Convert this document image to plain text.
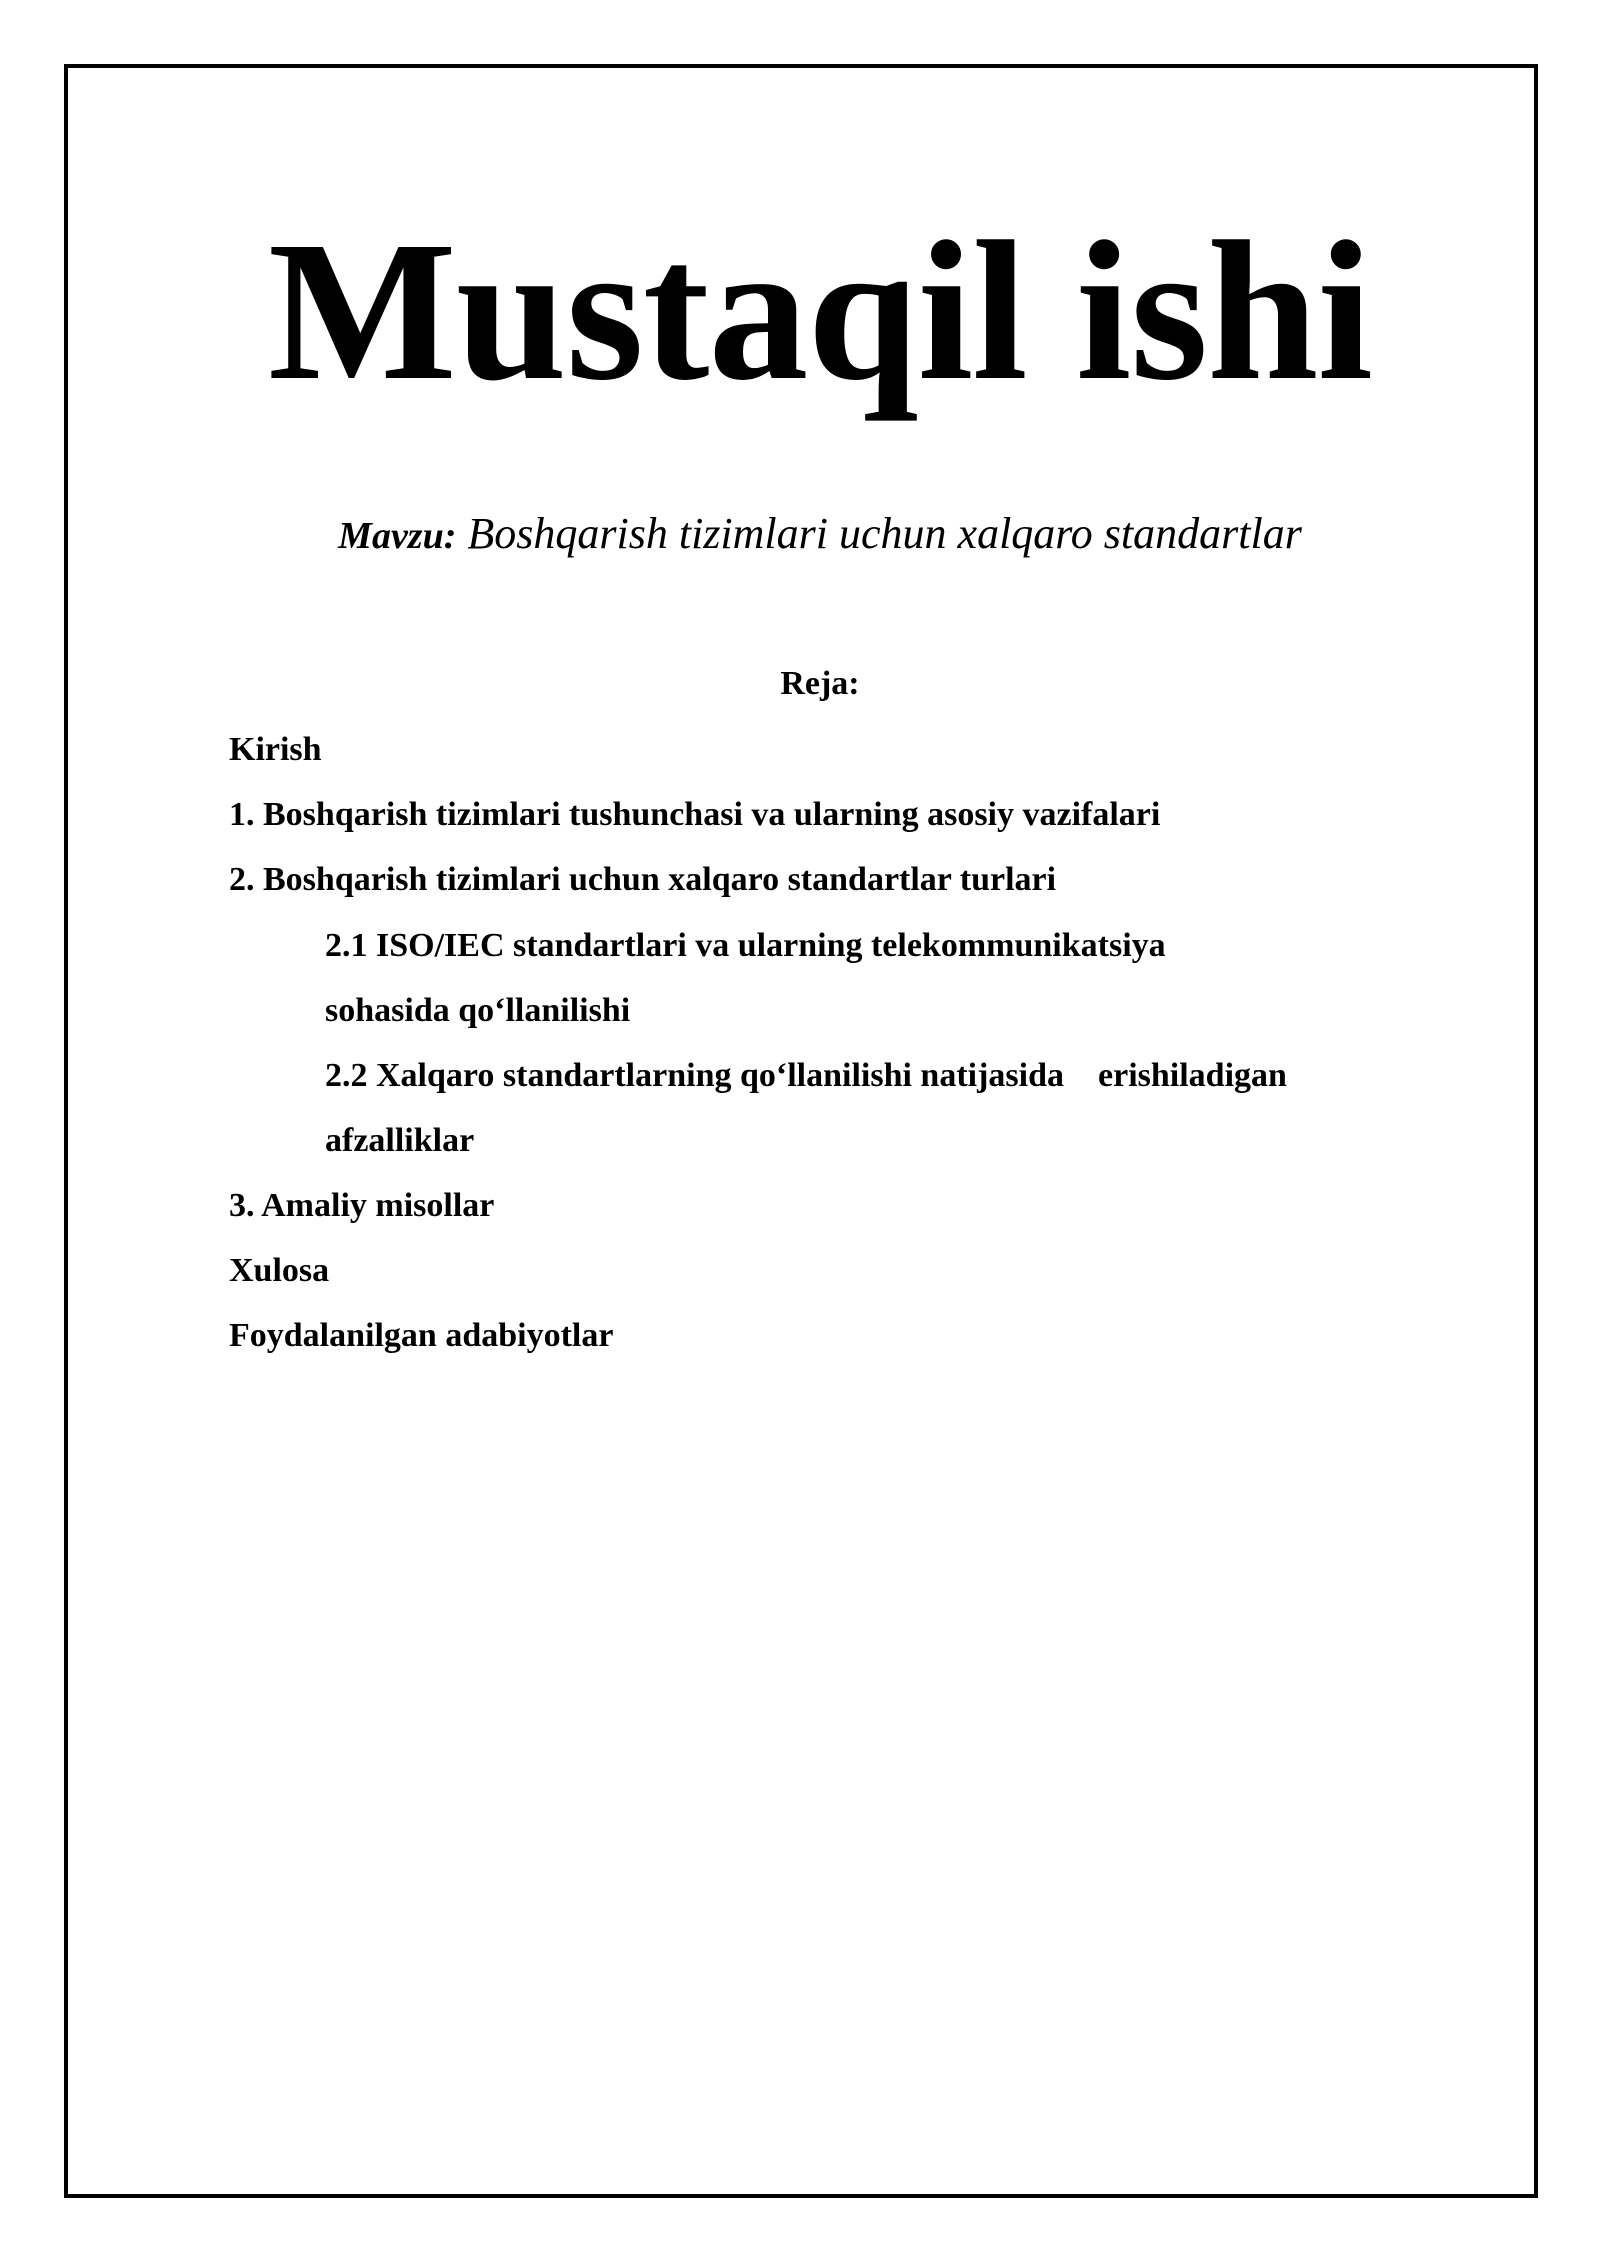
Mustaqil ishi
Mavzu: Boshqarish tizimlari uchun xalqaro standartlar
Reja:
Kirish
1. Boshqarish tizimlari tushunchasi va ularning asosiy vazifalari
2. Boshqarish tizimlari uchun xalqaro standartlar turlari
2.1 ISO/IEC standartlari va ularning telekommunikatsiya
sohasida qo‘llanilishi
2.2 Xalqaro standartlarning qo‘llanilishi natijasida    erishiladigan
afzalliklar
3. Amaliy misollar
Xulosa
Foydalanilgan adabiyotlar
